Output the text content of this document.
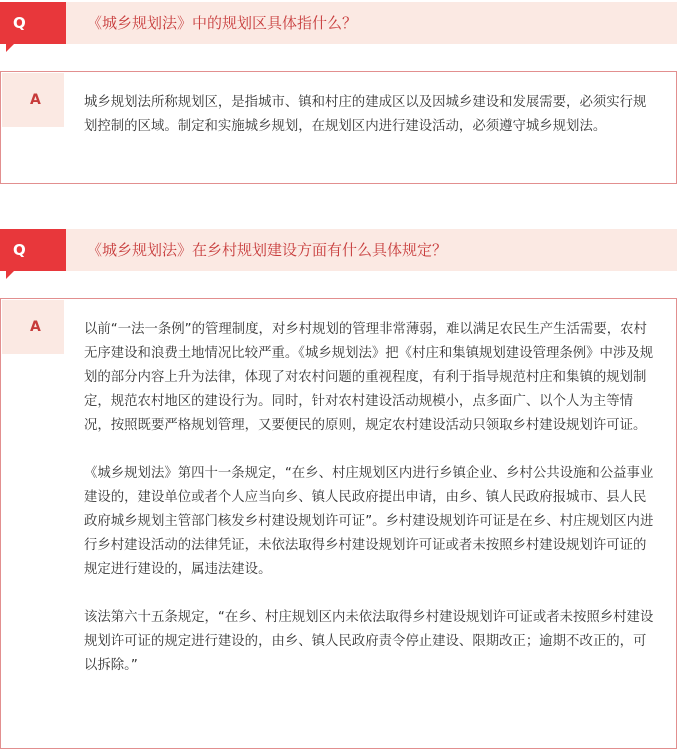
Q	《城乡规划法》中的规划区具体指什么？
A	城乡规划法所称规划区，是指城市、镇和村庄的建成区以及因城乡建设和发展需要，必须实行规划控制的区域。制定和实施城乡规划，在规划区内进行建设活动，必须遵守城乡规划法。

Q	《城乡规划法》在乡村规划建设方面有什么具体规定？
A	以前“一法一条例”的管理制度，对乡村规划的管理非常薄弱，难以满足农民生产生活需要，农村无序建设和浪费土地情况比较严重。《城乡规划法》把《村庄和集镇规划建设管理条例》中涉及规划的部分内容上升为法律，体现了对农村问题的重视程度，有利于指导规范村庄和集镇的规划制定，规范农村地区的建设行为。同时，针对农村建设活动规模小，点多面广、以个人为主等情况，按照既要严格规划管理，又要便民的原则，规定农村建设活动只领取乡村建设规划许可证。

《城乡规划法》第四十一条规定，“在乡、村庄规划区内进行乡镇企业、乡村公共设施和公益事业建设的，建设单位或者个人应当向乡、镇人民政府提出申请，由乡、镇人民政府报城市、县人民政府城乡规划主管部门核发乡村建设规划许可证”。乡村建设规划许可证是在乡、村庄规划区内进行乡村建设活动的法律凭证，未依法取得乡村建设规划许可证或者未按照乡村建设规划许可证的规定进行建设的，属违法建设。

该法第六十五条规定，“在乡、村庄规划区内未依法取得乡村建设规划许可证或者未按照乡村建设规划许可证的规定进行建设的，由乡、镇人民政府责令停止建设、限期改正；逾期不改正的，可以拆除。”
